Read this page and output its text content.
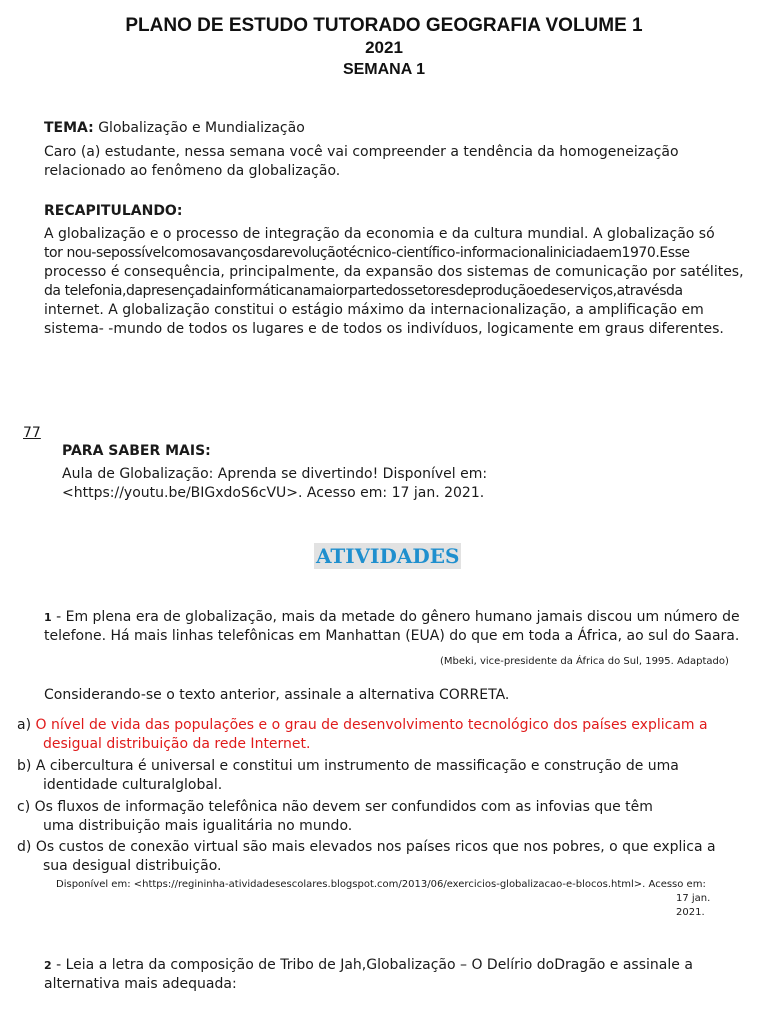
PLANO DE ESTUDO TUTORADO GEOGRAFIA VOLUME 1
2021
SEMANA 1
TEMA: Globalização e Mundialização
Caro (a) estudante, nessa semana você vai compreender a tendência da homogeneização
relacionado ao fenômeno da globalização.
RECAPITULANDO:
A globalização e o processo de integração da economia e da cultura mundial. A globalização só
tor nou-sepossívelcomosavançosdarevoluçãotécnico-científico-informacionaliniciadaem1970.Esse
processo é consequência, principalmente, da expansão dos sistemas de comunicação por satélites,
da telefonia,dapresençadainformáticanamaiorpartedossetoresdeproduçãoedeserviços,atravésda
internet. A globalização constitui o estágio máximo da internacionalização, a amplificação em
sistema- -mundo de todos os lugares e de todos os indivíduos, logicamente em graus diferentes.
77
PARA SABER MAIS:
Aula de Globalização: Aprenda se divertindo! Disponível em:
<https://youtu.be/BIGxdoS6cVU>. Acesso em: 17 jan. 2021.
ATIVIDADES
1 - Em plena era de globalização, mais da metade do gênero humano jamais discou um número de
telefone. Há mais linhas telefônicas em Manhattan (EUA) do que em toda a África, ao sul do Saara.
(Mbeki, vice-presidente da África do Sul, 1995. Adaptado)
Considerando-se o texto anterior, assinale a alternativa CORRETA.
a) O nível de vida das populações e o grau de desenvolvimento tecnológico dos países explicam a
desigual distribuição da rede Internet.
b) A cibercultura é universal e constitui um instrumento de massificação e construção de uma
identidade culturalglobal.
c) Os fluxos de informação telefônica não devem ser confundidos com as infovias que têm
uma distribuição mais igualitária no mundo.
d) Os custos de conexão virtual são mais elevados nos países ricos que nos pobres, o que explica a
sua desigual distribuição.
Disponível em: <https://regininha-atividadesescolares.blogspot.com/2013/06/exercicios-globalizacao-e-blocos.html>. Acesso em:
17 jan.
2021.
2 - Leia a letra da composição de Tribo de Jah,Globalização – O Delírio doDragão e assinale a
alternativa mais adequada:
